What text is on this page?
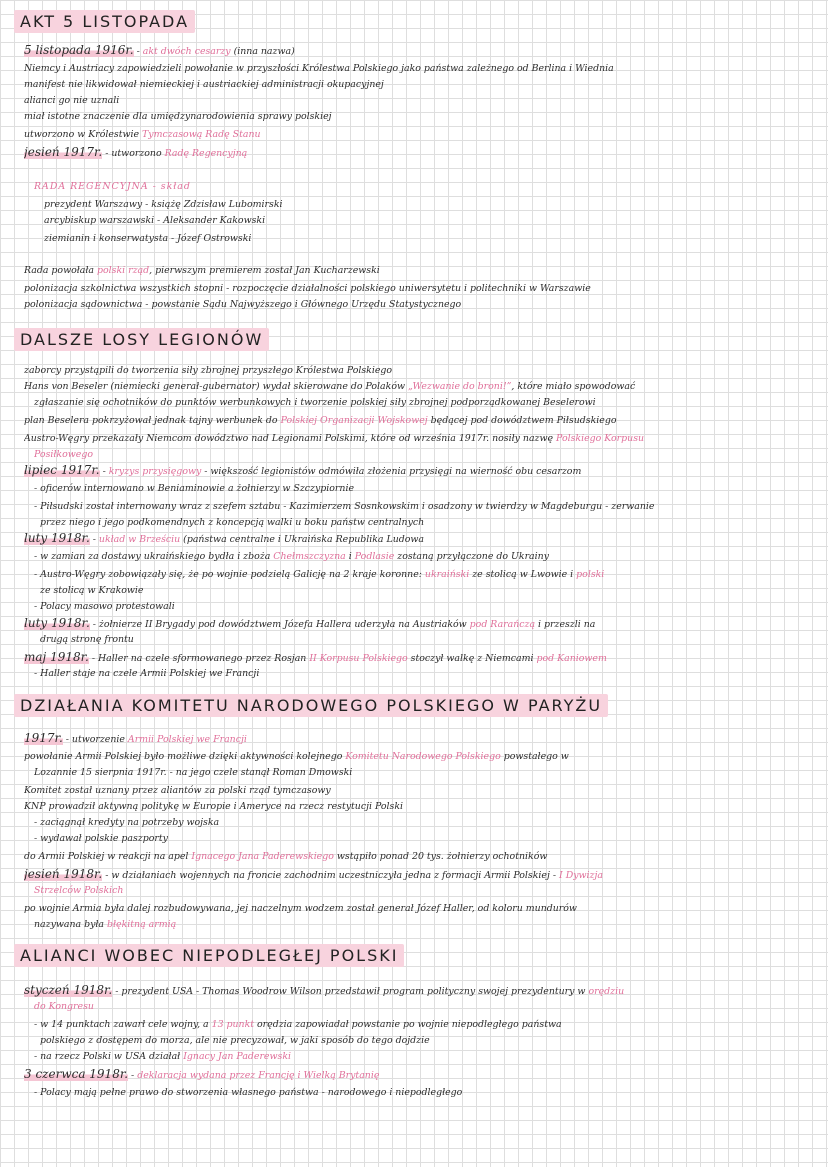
AKT 5 LISTOPADA
5 listopada 1916r. - akt dwóch cesarzy (inna nazwa)
Niemcy i Austriacy zapowiedzieli powołanie w przyszłości Królestwa Polskiego jako państwa zależnego od Berlina i Wiednia
manifest nie likwidował niemieckiej i austriackiej administracji okupacyjnej
alianci go nie uznali
miał istotne znaczenie dla umiędzynarodowienia sprawy polskiej
utworzono w Królestwie Tymczasową Radę Stanu
jesień 1917r. - utworzono Radę Regencyjną
RADA REGENCYJNA - skład
prezydent Warszawy - książę Zdzisław Lubomirski
arcybiskup warszawski - Aleksander Kakowski
ziemianin i konserwatysta - Józef Ostrowski
Rada powołała polski rząd, pierwszym premierem został Jan Kucharzewski
polonizacja szkolnictwa wszystkich stopni - rozpoczęcie działalności polskiego uniwersytetu i politechniki w Warszawie
polonizacja sądownictwa - powstanie Sądu Najwyższego i Głównego Urzędu Statystycznego
DALSZE LOSY LEGIONÓW
zaborcy przystąpili do tworzenia siły zbrojnej przyszłego Królestwa Polskiego
Hans von Beseler (niemiecki generał-gubernator) wydał skierowane do Polaków „Wezwanie do broni!”, które miało spowodować
zgłaszanie się ochotników do punktów werbunkowych i tworzenie polskiej siły zbrojnej podporządkowanej Beselerowi
plan Beselera pokrzyżował jednak tajny werbunek do Polskiej Organizacji Wojskowej będącej pod dowództwem Piłsudskiego
Austro-Węgry przekazały Niemcom dowództwo nad Legionami Polskimi, które od września 1917r. nosiły nazwę Polskiego Korpusu
Posiłkowego
lipiec 1917r. - kryzys przysięgowy - większość legionistów odmówiła złożenia przysięgi na wierność obu cesarzom
- oficerów internowano w Beniaminowie a żołnierzy w Szczypiornie
- Piłsudski został internowany wraz z szefem sztabu - Kazimierzem Sosnkowskim i osadzony w twierdzy w Magdeburgu - zerwanie
przez niego i jego podkomendnych z koncepcją walki u boku państw centralnych
luty 1918r. - układ w Brześciu (państwa centralne i Ukraińska Republika Ludowa
- w zamian za dostawy ukraińskiego bydła i zboża Chełmszczyzna i Podlasie zostaną przyłączone do Ukrainy
- Austro-Węgry zobowiązały się, że po wojnie podzielą Galicję na 2 kraje koronne: ukraiński ze stolicą w Lwowie i polski
ze stolicą w Krakowie
- Polacy masowo protestowali
luty 1918r. - żołnierze II Brygady pod dowództwem Józefa Hallera uderzyła na Austriaków pod Rarańczą i przeszli na
drugą stronę frontu
maj 1918r. - Haller na czele sformowanego przez Rosjan II Korpusu Polskiego stoczył walkę z Niemcami pod Kaniowem
- Haller staje na czele Armii Polskiej we Francji
DZIAŁANIA KOMITETU NARODOWEGO POLSKIEGO W PARYŻU
1917r. - utworzenie Armii Polskiej we Francji
powołanie Armii Polskiej było możliwe dzięki aktywności kolejnego Komitetu Narodowego Polskiego powstałego w
Lozannie 15 sierpnia 1917r. - na jego czele stanął Roman Dmowski
Komitet został uznany przez aliantów za polski rząd tymczasowy
KNP prowadził aktywną politykę w Europie i Ameryce na rzecz restytucji Polski
- zaciągnął kredyty na potrzeby wojska
- wydawał polskie paszporty
do Armii Polskiej w reakcji na apel Ignacego Jana Paderewskiego wstąpiło ponad 20 tys. żołnierzy ochotników
jesień 1918r. - w działaniach wojennych na froncie zachodnim uczestniczyła jedna z formacji Armii Polskiej - I Dywizja
Strzelców Polskich
po wojnie Armia była dalej rozbudowywana, jej naczelnym wodzem został generał Józef Haller, od koloru mundurów
nazywana była błękitną armią
ALIANCI WOBEC NIEPODLEGŁEJ POLSKI
styczeń 1918r. - prezydent USA - Thomas Woodrow Wilson przedstawił program polityczny swojej prezydentury w orędziu
do Kongresu
- w 14 punktach zawarł cele wojny, a 13 punkt orędzia zapowiadał powstanie po wojnie niepodległego państwa
polskiego z dostępem do morza, ale nie precyzował, w jaki sposób do tego dojdzie
- na rzecz Polski w USA działał Ignacy Jan Paderewski
3 czerwca 1918r. - deklaracja wydana przez Francję i Wielką Brytanię
- Polacy mają pełne prawo do stworzenia własnego państwa - narodowego i niepodległego
